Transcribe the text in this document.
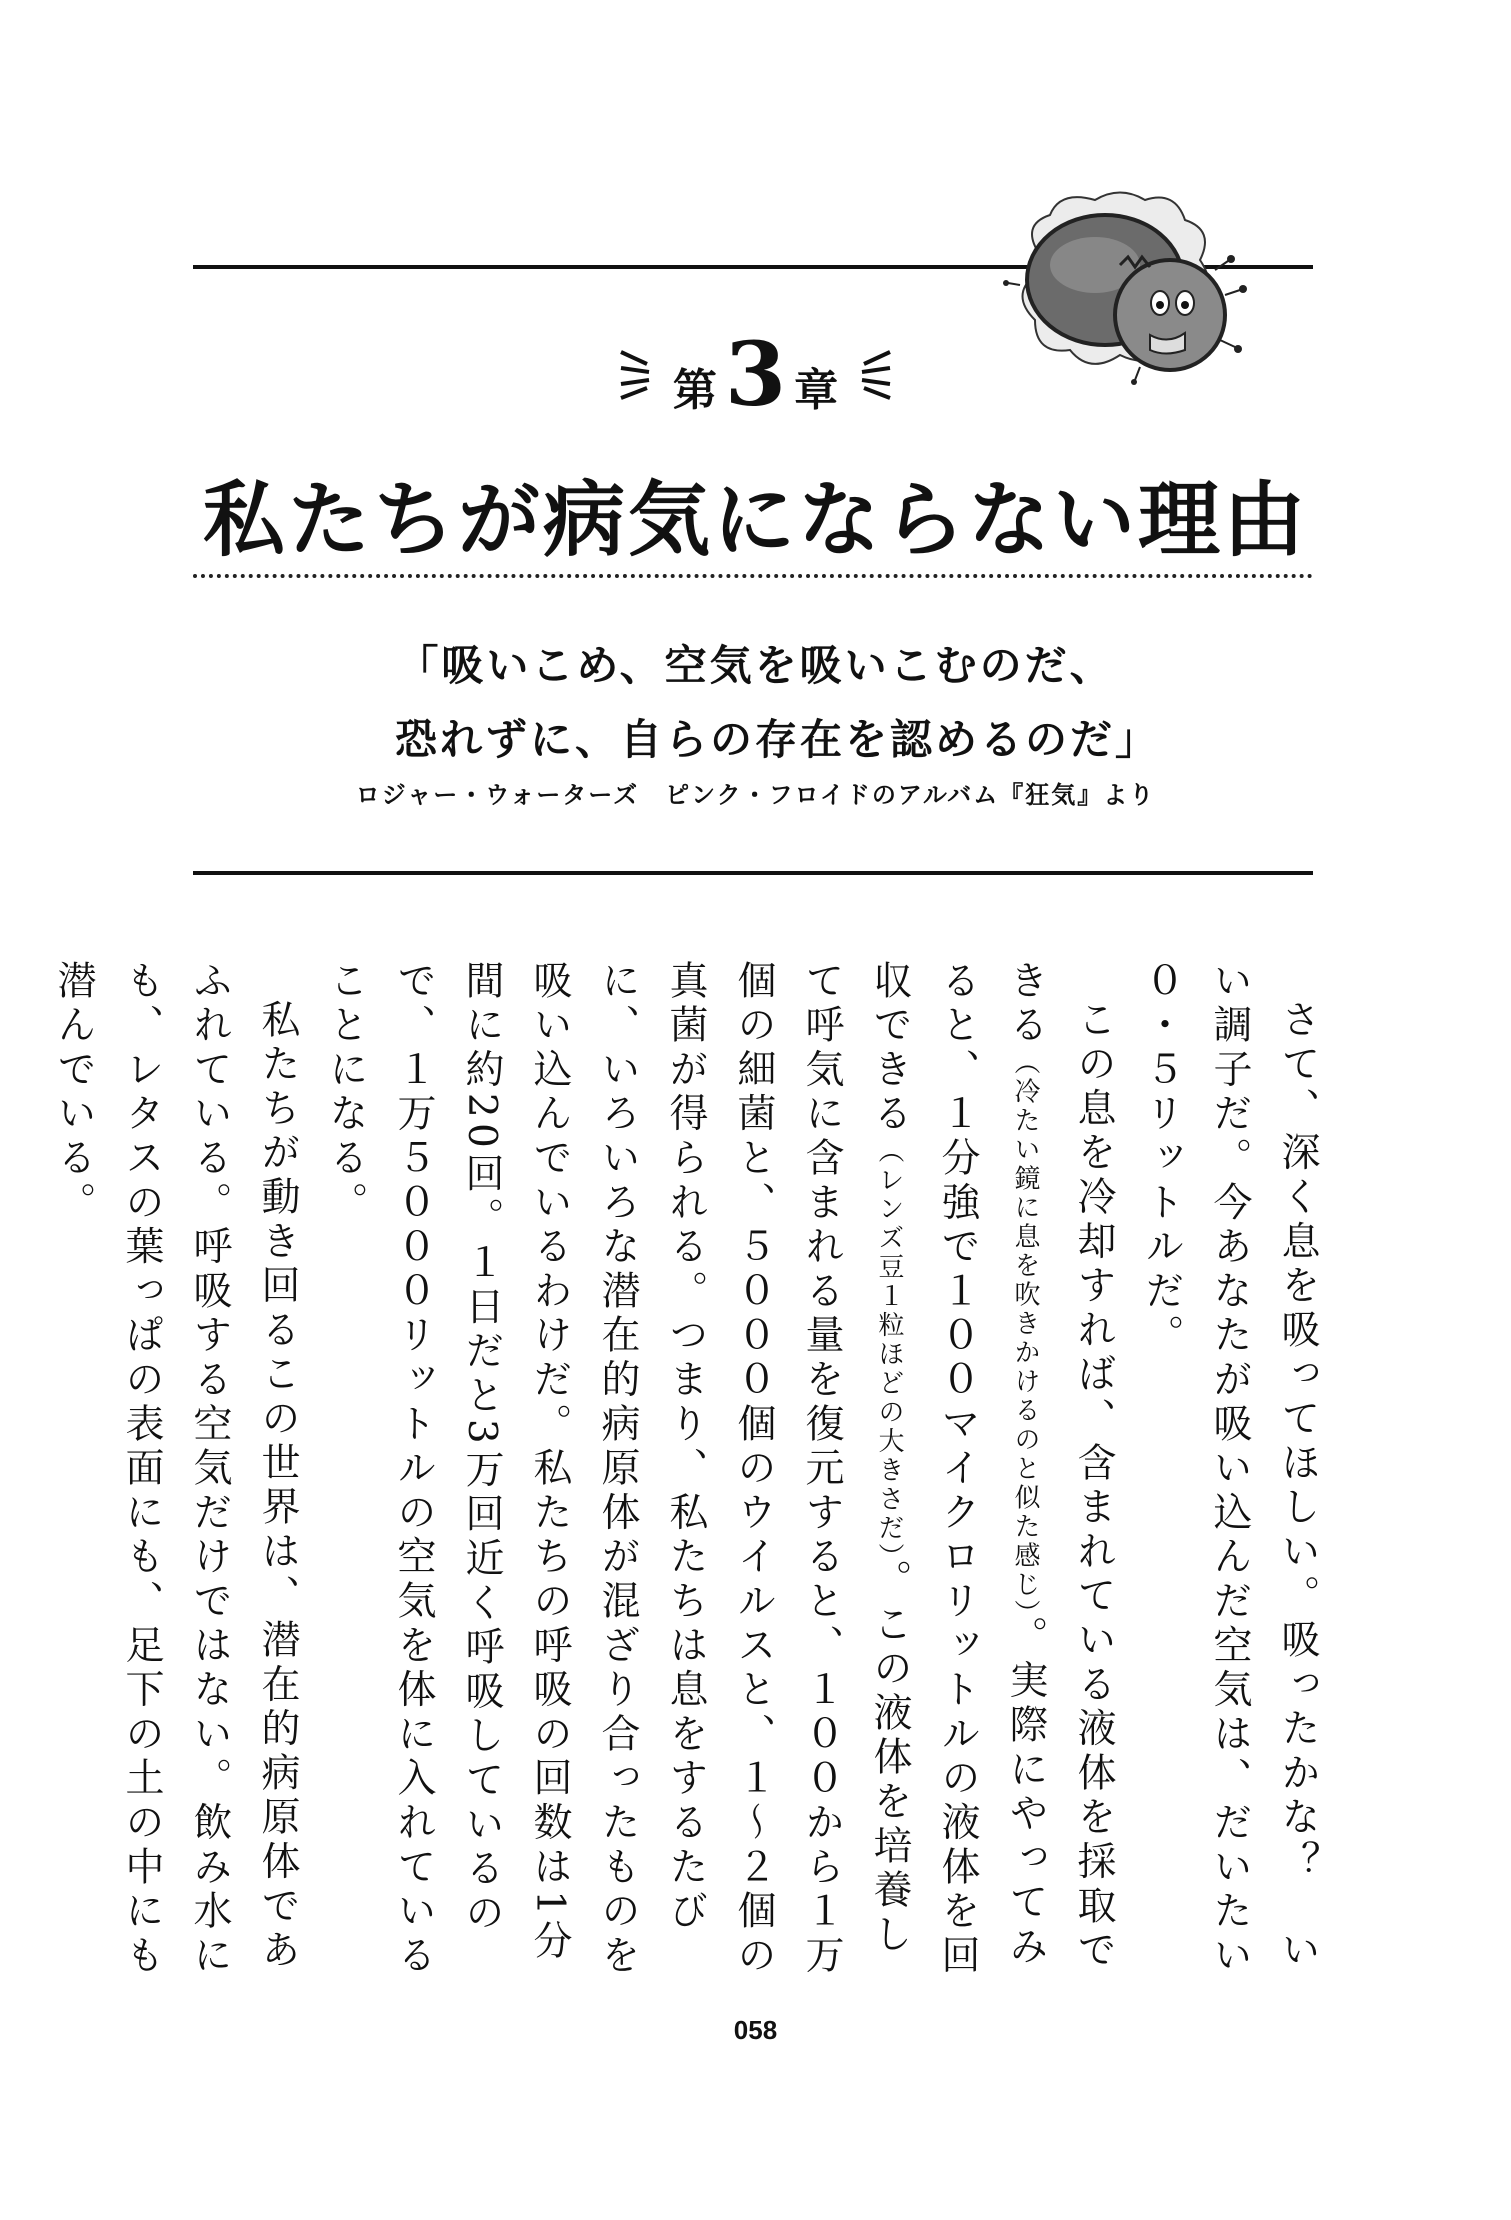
第 3 章
私たちが病気にならない理由
「吸いこめ、空気を吸いこむのだ、
恐れずに、自らの存在を認めるのだ」
ロジャー・ウォーターズ　ピンク・フロイドのアルバム『狂気』より

さて、深く息を吸ってほしい。吸ったかな？　いい調子だ。今あなたが吸い込んだ空気は、だいたい０・５リットルだ。

この息を冷却すれば、含まれている液体を採取できる（冷たい鏡に息を吹きかけるのと似た感じ）。実際にやってみると、１分強で１００マイクロリットルの液体を回収できる（レンズ豆１粒ほどの大きさだ）。この液体を培養して呼気に含まれる量を復元すると、１００から１万個の細菌と、５０００個のウイルスと、１〜２個の真菌が得られる。つまり、私たちは息をするたびに、いろいろな潜在的病原体が混ざり合ったものを吸い込んでいるわけだ。私たちの呼吸の回数は1分間に約20回。１日だと3万回近く呼吸しているので、１万５０００リットルの空気を体に入れていることになる。

私たちが動き回るこの世界は、潜在的病原体であふれている。呼吸する空気だけではない。飲み水にも、レタスの葉っぱの表面にも、足下の土の中にも潜んでいる。

058
